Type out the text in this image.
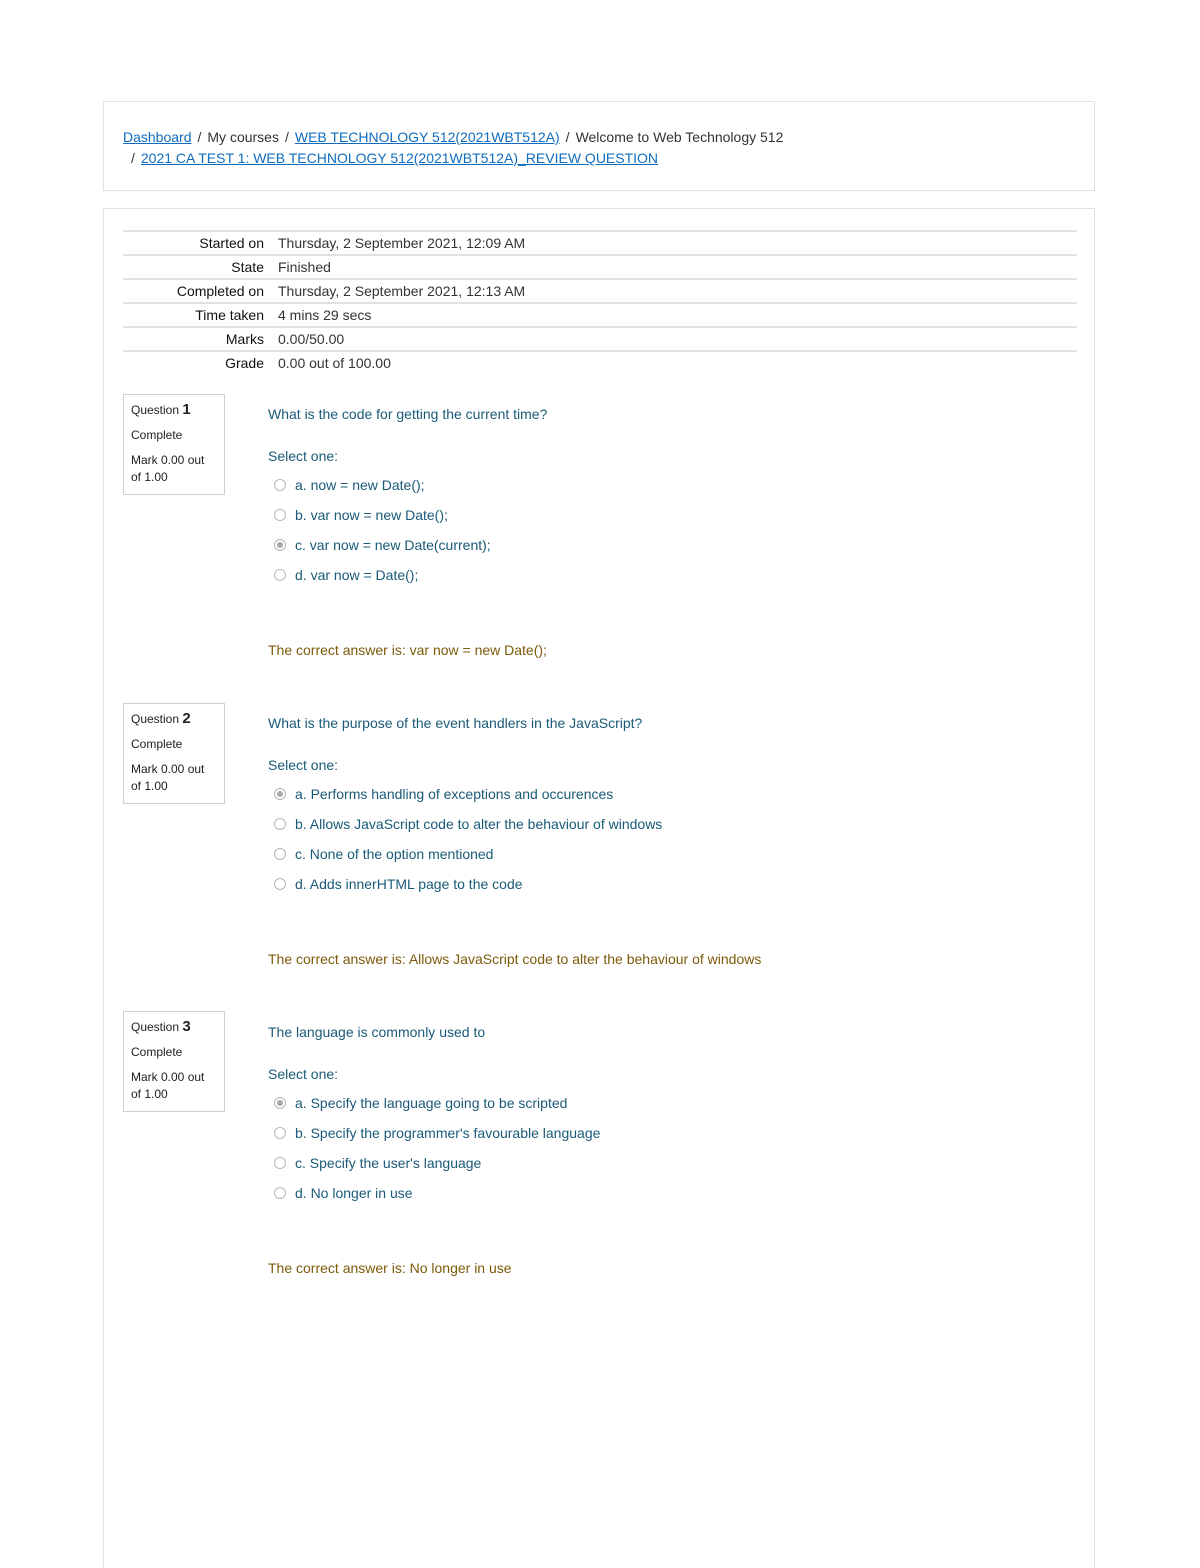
Dashboard / My courses / WEB TECHNOLOGY 512(2021WBT512A) / Welcome to Web Technology 512
/ 2021 CA TEST 1: WEB TECHNOLOGY 512(2021WBT512A)_REVIEW QUESTION
Started on	Thursday, 2 September 2021, 12:09 AM
State	Finished
Completed on	Thursday, 2 September 2021, 12:13 AM
Time taken	4 mins 29 secs
Marks	0.00/50.00
Grade	0.00 out of 100.00
Question 1
Complete
Mark 0.00 out of 1.00
What is the code for getting the current time?
Select one:
a. now = new Date();
b. var now = new Date();
c. var now = new Date(current);
d. var now = Date();
The correct answer is: var now = new Date();
Question 2
Complete
Mark 0.00 out of 1.00
What is the purpose of the event handlers in the JavaScript?
Select one:
a. Performs handling of exceptions and occurences
b. Allows JavaScript code to alter the behaviour of windows
c. None of the option mentioned
d. Adds innerHTML page to the code
The correct answer is: Allows JavaScript code to alter the behaviour of windows
Question 3
Complete
Mark 0.00 out of 1.00
The language is commonly used to
Select one:
a. Specify the language going to be scripted
b. Specify the programmer's favourable language
c. Specify the user's language
d. No longer in use
The correct answer is: No longer in use
